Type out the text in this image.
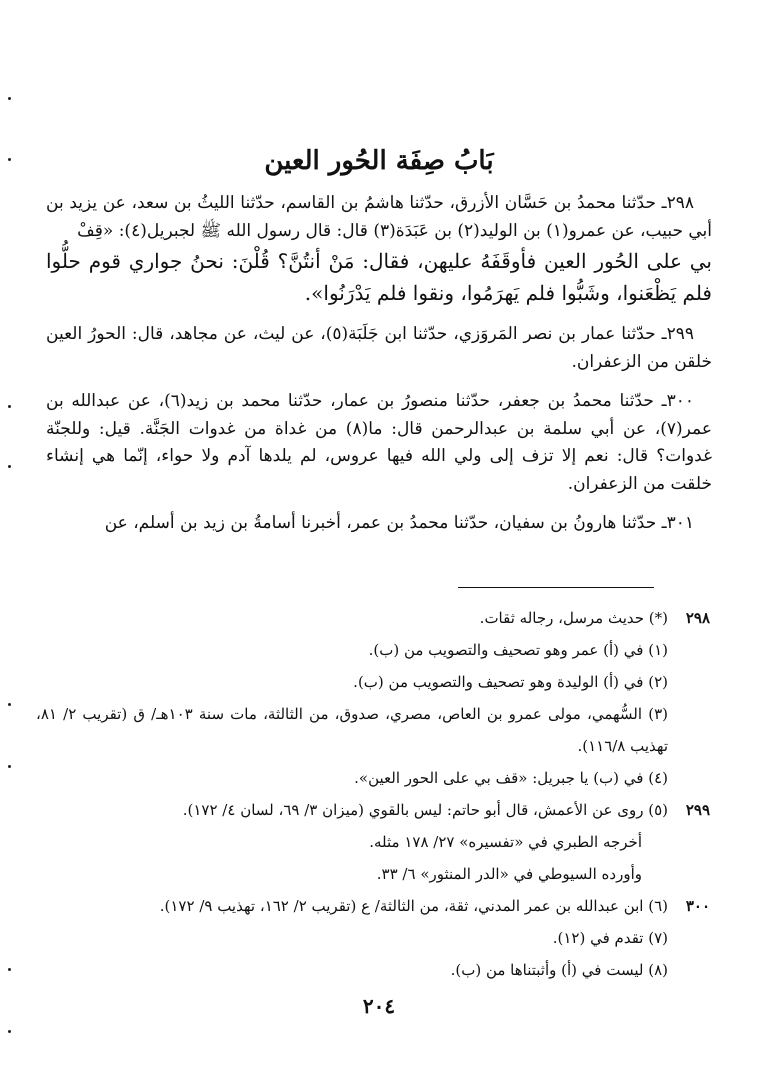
بَابُ صِفَة الحُور العين

٢٩٨ـ حدّثنا محمدُ بن حَسَّان الأزرق، حدّثنا هاشمُ بن القاسم، حدّثنا الليثُ بن سعد، عن يزيد بن أبي حبيب، عن عمرو(١) بن الوليد(٢) بن عَبَدَة(٣) قال: قال رسول الله ﷺ لجبريل(٤): «قِفْ

بي على الحُور العين فأوقَفَهُ عليهن، فقال: مَنْ أنتُنَّ؟ قُلْنَ: نحنُ جواري قوم حلُّوا فلم يَظْعَنوا، وشَبُّوا فلم يَهرَمُوا، ونقوا فلم يَدْرَنُوا».

٢٩٩ـ حدّثنا عمار بن نصر المَروَزي، حدّثنا ابن جَلَبَة(٥)، عن ليث، عن مجاهد، قال: الحورُ العين خلقن من الزعفران.

٣٠٠ـ حدّثنا محمدُ بن جعفر، حدّثنا منصورُ بن عمار، حدّثنا محمد بن زيد(٦)، عن عبدالله بن عمر(٧)، عن أبي سلمة بن عبدالرحمن قال: ما(٨) من غداة من غدوات الجَنَّة. قيل: وللجنّة غدوات؟ قال: نعم إلا تزف إلى ولي الله فيها عروس، لم يلدها آدم ولا حواء، إنّما هي إنشاء خلقت من الزعفران.

٣٠١ـ حدّثنا هارونُ بن سفيان، حدّثنا محمدُ بن عمر، أخبرنا أسامةُ بن زيد بن أسلم، عن

٢٩٨
(*) حديث مرسل، رجاله ثقات.
(١) في (أ) عمر وهو تصحيف والتصويب من (ب).
(٢) في (أ) الوليدة وهو تصحيف والتصويب من (ب).
(٣) السُّهمي، مولى عمرو بن العاص، مصري، صدوق، من الثالثة، مات سنة ١٠٣هـ/ ق (تقريب ٢/ ٨١، تهذيب ١١٦/٨).
(٤) في (ب) يا جبريل: «قف بي على الحور العين».
٢٩٩
(٥) روى عن الأعمش، قال أبو حاتم: ليس بالقوي (ميزان ٣/ ٦٩، لسان ٤/ ١٧٢).
أخرجه الطبري في «تفسيره» ٢٧/ ١٧٨ مثله.
وأورده السيوطي في «الدر المنثور» ٦/ ٣٣.
٣٠٠
(٦) ابن عبدالله بن عمر المدني، ثقة، من الثالثة/ ع (تقريب ٢/ ١٦٢، تهذيب ٩/ ١٧٢).
(٧) تقدم في (١٢).
(٨) ليست في (أ) وأثبتناها من (ب).
٢٠٤
